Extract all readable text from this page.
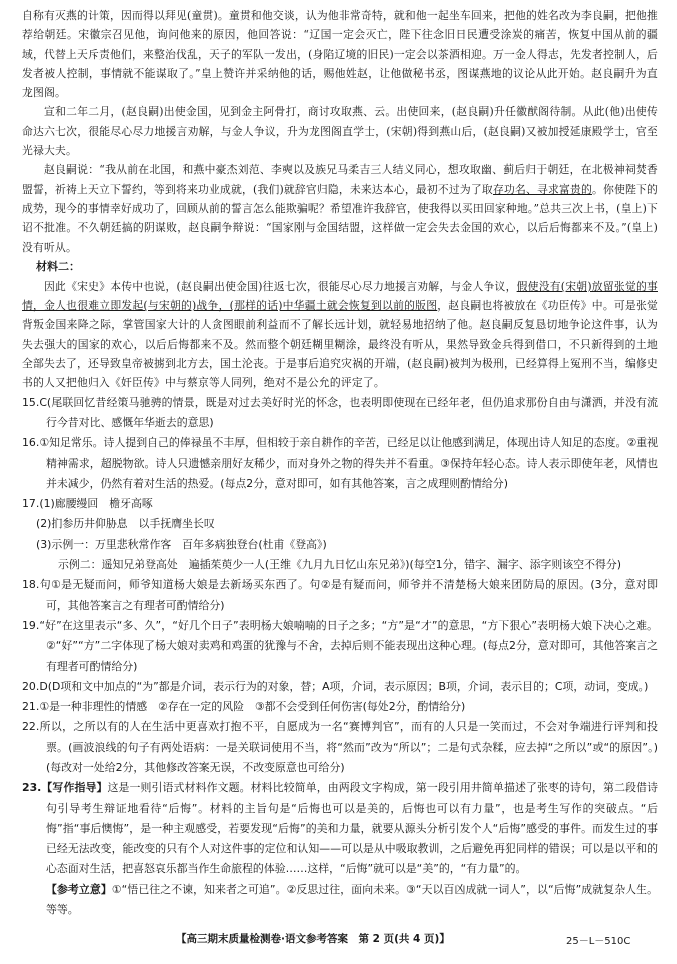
自称有灭燕的计策，因而得以拜见(童贯)。童贯和他交谈，认为他非常奇特，就和他一起坐车回来，把他的姓名改为李良嗣，把他推荐给朝廷。宋徽宗召见他，询问他来的原因，他回答说：“辽国一定会灭亡，陛下往念旧日民遭受涂炭的痛苦，恢复中国从前的疆域，代替上天斥责他们，来整治伐乱，天子的军队一发出，(身陷辽境的旧民)一定会以茶酒相迎。万一金人得志，先发者控制人，后发者被人控制，事情就不能谋取了。”皇上赞许并采纳他的话，赐他姓赵，让他做秘书丞，图谋燕地的议论从此开始。赵良嗣升为直龙图阁。

宣和二年二月，(赵良嗣)出使金国，见到金主阿骨打，商讨攻取燕、云。出使回来，(赵良嗣)升任徽猷阁待制。从此(他)出使传命达六七次，很能尽心尽力地援言劝解，与金人争议，升为龙图阁直学士，(宋朝)得到燕山后，(赵良嗣)又被加授延康殿学士，官至光禄大夫。

赵良嗣说：“我从前在北国，和燕中豪杰刘范、李奭以及族兄马柔吉三人结义同心，想攻取幽、蓟后归于朝廷，在北极神祠焚香盟誓，祈祷上天立下誓约，等到将来功业成就，(我们)就辞官归隐，未来达本心，最初不过为了取存功名、寻求富贵的。你使陛下的成势，现今的事情幸好成功了，回顾从前的誓言怎么能欺骗呢？希望准许我辞官，使我得以买田回家种地。”总共三次上书，(皇上)下诏不批准。不久朝廷搞的阴谋败，赵良嗣争辩说：“国家刚与金国结盟，这样做一定会失去金国的欢心，以后后悔都来不及。”(皇上)没有听从。

材料二：

因此《宋史》本传中也说，(赵良嗣出使金国)往返七次，很能尽心尽力地援言劝解，与金人争议，假使没有(宋朝)放留张觉的事情，金人也很难立即发起(与宋朝的)战争，(那样的话)中华疆土就会恢复到以前的版图，赵良嗣也将被放在《功臣传》中。可是张觉背叛金国来降之际，掌管国家大计的人贪图眼前利益而不了解长远计划，就轻易地招纳了他。赵良嗣反复恳切地争论这件事，认为失去强大的国家的欢心，以后后悔都来不及。然而整个朝廷糊里糊涂，最终没有听从，果然导致金兵得到借口，不只新得到的土地全部失去了，还导致皇帝被掳到北方去，国土沦丧。于是事后追究灾祸的开端，(赵良嗣)被判为极刑，已经算得上冤刑不当，编修史书的人又把他归入《奸臣传》中与蔡京等人同列，绝对不是公允的评定了。

15.C(尾联回忆昔经策马驰骋的情景，既是对过去美好时光的怀念，也表明即使现在已经年老，但仍追求那份自由与潇洒，并没有流行今昔对比、感慨年华逝去的意思)

16.①知足常乐。诗人提到自己的俸禄虽不丰厚，但相较于亲自耕作的辛苦，已经足以让他感到满足，体现出诗人知足的态度。②重视精神需求，超脱物欲。诗人只遗憾亲朋好友稀少，而对身外之物的得失并不看重。③保持年轻心态。诗人表示即使年老，风情也并未减少，仍然有着对生活的热爱。(每点2分，意对即可，如有其他答案，言之成理则酌情给分)

17.(1)廊腰缦回　檐牙高啄

(2)扪参历井仰胁息　以手抚膺坐长叹

(3)示例一：万里悲秋常作客　百年多病独登台(杜甫《登高》)

示例二：遥知兄弟登高处　遍插茱萸少一人(王维《九月九日忆山东兄弟》)(每空1分，错字、漏字、添字则该空不得分)

18.句①是无疑而问，师爷知道杨大娘是去新场买东西了。句②是有疑而问，师爷并不清楚杨大娘来团防局的原因。(3分，意对即可，其他答案言之有理者可酌情给分)

19.“好”在这里表示“多、久”，“好几个日子”表明杨大娘喃喃的日子之多；“方”是“才”的意思，“方下狠心”表明杨大娘下决心之难。②“好”“方”二字体现了杨大娘对卖鸡和鸡蛋的犹豫与不舍，去掉后则不能表现出这种心理。(每点2分，意对即可，其他答案言之有理者可酌情给分)

20.D(D项和文中加点的“为”都是介词，表示行为的对象，替；A项，介词，表示原因；B项，介词，表示目的；C项，动词，变成。)

21.①是一种非理性的情感　②存在一定的风险　③都不会受到任何伤害(每处2分，酌情给分)

22.所以，之所以有的人在生活中更喜欢打抱不平，自愿成为一名“赛博判官”，而有的人只是一笑而过，不会对争端进行评判和投票。(画波浪线的句子有两处语病：一是关联词使用不当，将“然而”改为“所以”；二是句式杂糅，应去掉“之所以”或“的原因”。)(每改对一处给2分，其他修改答案无误，不改变原意也可给分)

23.【写作指导】这是一则引语式材料作文题。材料比较简单，由两段文字构成，第一段引用井简单描述了张枣的诗句，第二段借诗句引导考生辩证地看待“后悔”。材料的主旨句是“后悔也可以是美的，后悔也可以有力量”，也是考生写作的突破点。“后悔”指“事后懊悔”，是一种主观感受，若要发现“后悔”的美和力量，就要从源头分析引发个人“后悔”感受的事件。而发生过的事已经无法改变，能改变的只有个人对这件事的定位和认知——可以是从中吸取教训，之后避免再犯同样的错误；可以是以平和的心态面对生活，把喜怒哀乐都当作生命旅程的体验……这样，“后悔”就可以是“美”的，“有力量”的。

【参考立意】①“悟已往之不谏，知来者之可追”。②反思过往，面向未来。③“天以百凶成就一词人”，以“后悔”成就复杂人生。等等。

【高三期末质量检测卷·语文参考答案　第 2 页(共 4 页)】	25－L－510C
